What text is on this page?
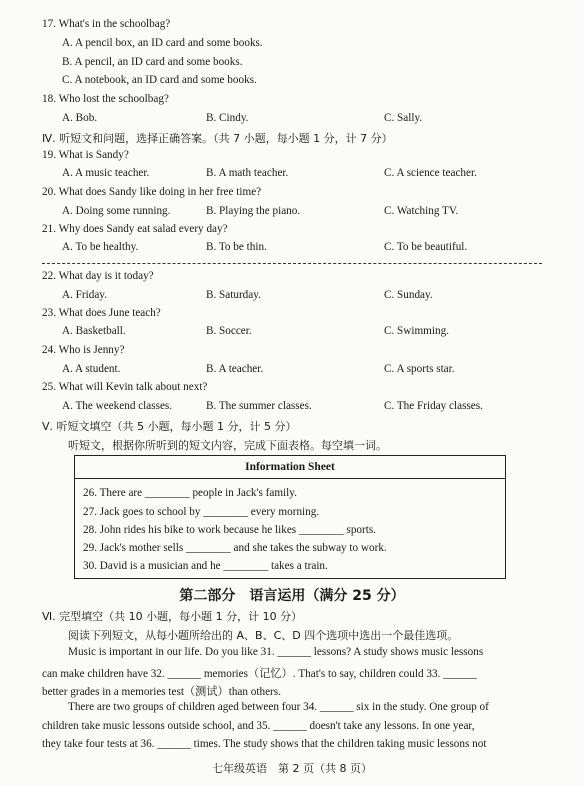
17. What's in the schoolbag?
A. A pencil box, an ID card and some books.
B. A pencil, an ID card and some books.
C. A notebook, an ID card and some books.
18. Who lost the schoolbag?
A. Bob.	B. Cindy.	C. Sally.
Ⅳ. 听短文和问题，选择正确答案。（共 7 小题，每小题 1 分，计 7 分）
19. What is Sandy?
A. A music teacher.	B. A math teacher.	C. A science teacher.
20. What does Sandy like doing in her free time?
A. Doing some running.	B. Playing the piano.	C. Watching TV.
21. Why does Sandy eat salad every day?
A. To be healthy.	B. To be thin.	C. To be beautiful.
22. What day is it today?
A. Friday.	B. Saturday.	C. Sunday.
23. What does June teach?
A. Basketball.	B. Soccer.	C. Swimming.
24. Who is Jenny?
A. A student.	B. A teacher.	C. A sports star.
25. What will Kevin talk about next?
A. The weekend classes.	B. The summer classes.	C. The Friday classes.
Ⅴ. 听短文填空（共 5 小题，每小题 1 分，计 5 分）
听短文，根据你所听到的短文内容，完成下面表格。每空填一词。
Information Sheet
26. There are ________ people in Jack's family.
27. Jack goes to school by ________ every morning.
28. John rides his bike to work because he likes ________ sports.
29. Jack's mother sells ________ and she takes the subway to work.
30. David is a musician and he ________ takes a train.
第二部分　语言运用（满分 25 分）
Ⅵ. 完型填空（共 10 小题，每小题 1 分，计 10 分）
阅读下列短文，从每小题所给出的 A、B、C、D 四个选项中选出一个最佳选项。
Music is important in our life. Do you like 31. ______ lessons? A study shows music lessons
can make children have 32. ______ memories（记忆）. That's to say, children could 33. ______
better grades in a memories test（测试）than others.
There are two groups of children aged between four 34. ______ six in the study. One group of
children take music lessons outside school, and 35. ______ doesn't take any lessons. In one year,
they take four tests at 36. ______ times. The study shows that the children taking music lessons not
七年级英语　第 2 页（共 8 页）
